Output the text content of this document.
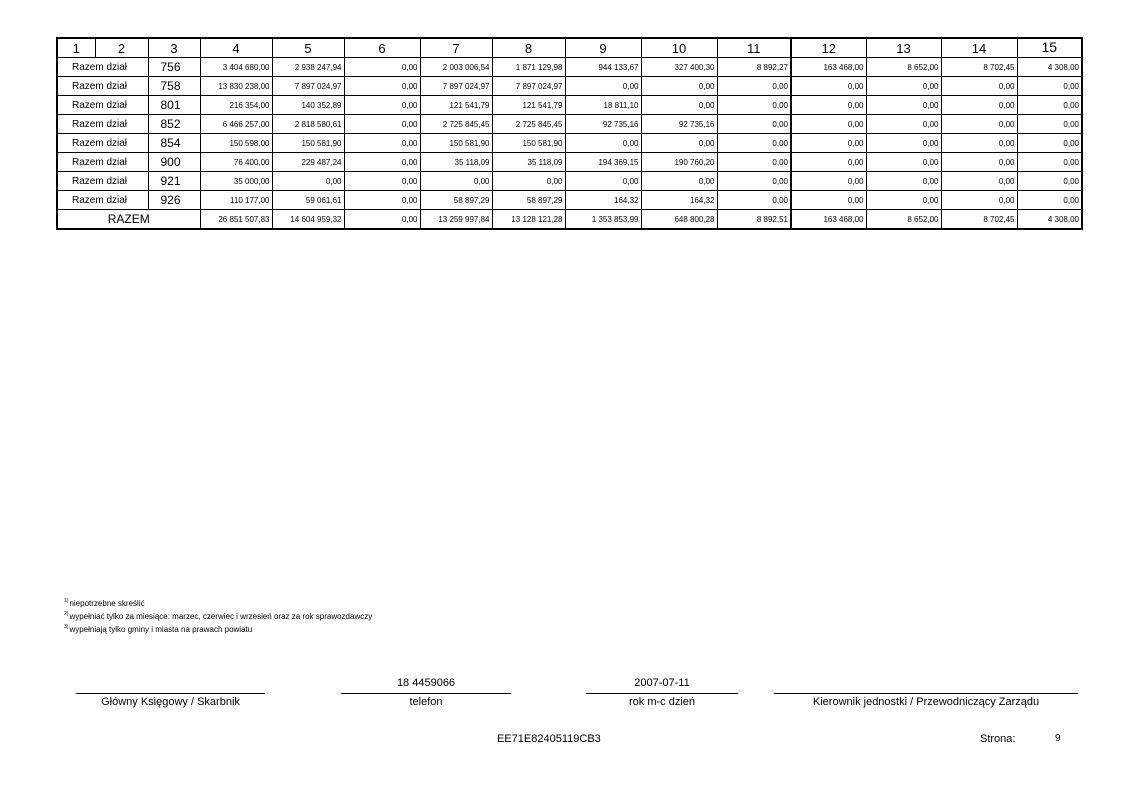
1	2	3	4	5	6	7	8	9	10	11	12	13	14	15
Razem dział		756	3 404 680,00	2 938 247,94	0,00	2 003 006,54	1 871 129,98	944 133,67	327 400,30	8 892,27	163 468,00	8 652,00	8 702,45	4 308,00
Razem dział		758	13 830 238,00	7 897 024,97	0,00	7 897 024,97	7 897 024,97	0,00	0,00	0,00	0,00	0,00	0,00	0,00
Razem dział		801	216 354,00	140 352,89	0,00	121 541,79	121 541,79	18 811,10	0,00	0,00	0,00	0,00	0,00	0,00
Razem dział		852	6 466 257,00	2 818 580,61	0,00	2 725 845,45	2 725 845,45	92 735,16	92 735,16	0,00	0,00	0,00	0,00	0,00
Razem dział		854	150 598,00	150 581,90	0,00	150 581,90	150 581,90	0,00	0,00	0,00	0,00	0,00	0,00	0,00
Razem dział		900	76 400,00	229 487,24	0,00	35 118,09	35 118,09	194 369,15	190 760,20	0,00	0,00	0,00	0,00	0,00
Razem dział		921	35 000,00	0,00	0,00	0,00	0,00	0,00	0,00	0,00	0,00	0,00	0,00	0,00
Razem dział		926	110 177,00	59 061,61	0,00	58 897,29	58 897,29	164,32	164,32	0,00	0,00	0,00	0,00	0,00
RAZEM			26 851 507,83	14 604 959,32	0,00	13 259 997,84	13 128 121,28	1 353 853,99	648 800,28	8 892,51	163 468,00	8 652,00	8 702,45	4 308,00
$^{1)}$niepotrzebne skreślić
$^{2)}$wypełniać tylko za miesiące: marzec, czerwiec i wrzesień oraz za rok sprawozdawczy
$^{3)}$wypełniają tylko gminy i miasta na prawach powiatu
Główny Księgowy / Skarbnik
18 4459066
telefon
2007-07-11
rok m-c dzień	Kierownik jednostki / Przewodniczący Zarządu
EE71E82405119CB3	Strona:	9
